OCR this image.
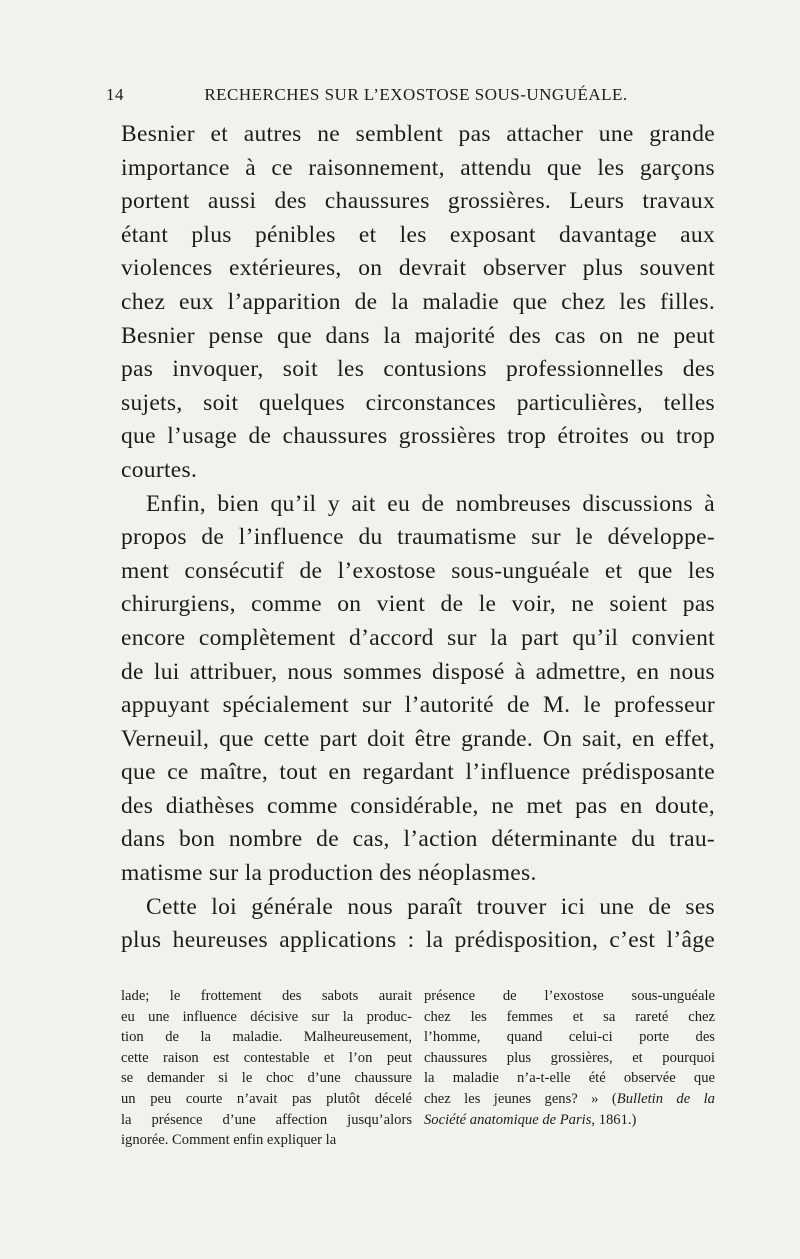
14	RECHERCHES SUR L’EXOSTOSE SOUS-UNGUÉALE.
Besnier et autres ne semblent pas attacher une grande
importance à ce raisonnement, attendu que les garçons
portent aussi des chaussures grossières. Leurs travaux
étant plus pénibles et les exposant davantage aux
violences extérieures, on devrait observer plus souvent
chez eux l’apparition de la maladie que chez les filles.
Besnier pense que dans la majorité des cas on ne peut
pas invoquer, soit les contusions professionnelles des
sujets, soit quelques circonstances particulières, telles
que l’usage de chaussures grossières trop étroites ou trop
courtes.
Enfin, bien qu’il y ait eu de nombreuses discussions à
propos de l’influence du traumatisme sur le développe-
ment consécutif de l’exostose sous-unguéale et que les
chirurgiens, comme on vient de le voir, ne soient pas
encore complètement d’accord sur la part qu’il convient
de lui attribuer, nous sommes disposé à admettre, en nous
appuyant spécialement sur l’autorité de M. le professeur
Verneuil, que cette part doit être grande. On sait, en effet,
que ce maître, tout en regardant l’influence prédisposante
des diathèses comme considérable, ne met pas en doute,
dans bon nombre de cas, l’action déterminante du trau-
matisme sur la production des néoplasmes.
Cette loi générale nous paraît trouver ici une de ses
plus heureuses applications : la prédisposition, c’est l’âge
lade; le frottement des sabots aurait
eu une influence décisive sur la produc-
tion de la maladie. Malheureusement,
cette raison est contestable et l’on peut
se demander si le choc d’une chaussure
un peu courte n’avait pas plutôt décelé
la présence d’une affection jusqu’alors
ignorée. Comment enfin expliquer la
présence de l’exostose sous-unguéale
chez les femmes et sa rareté chez
l’homme, quand celui-ci porte des
chaussures plus grossières, et pourquoi
la maladie n’a-t-elle été observée que
chez les jeunes gens? » (Bulletin de la
Société anatomique de Paris, 1861.)
